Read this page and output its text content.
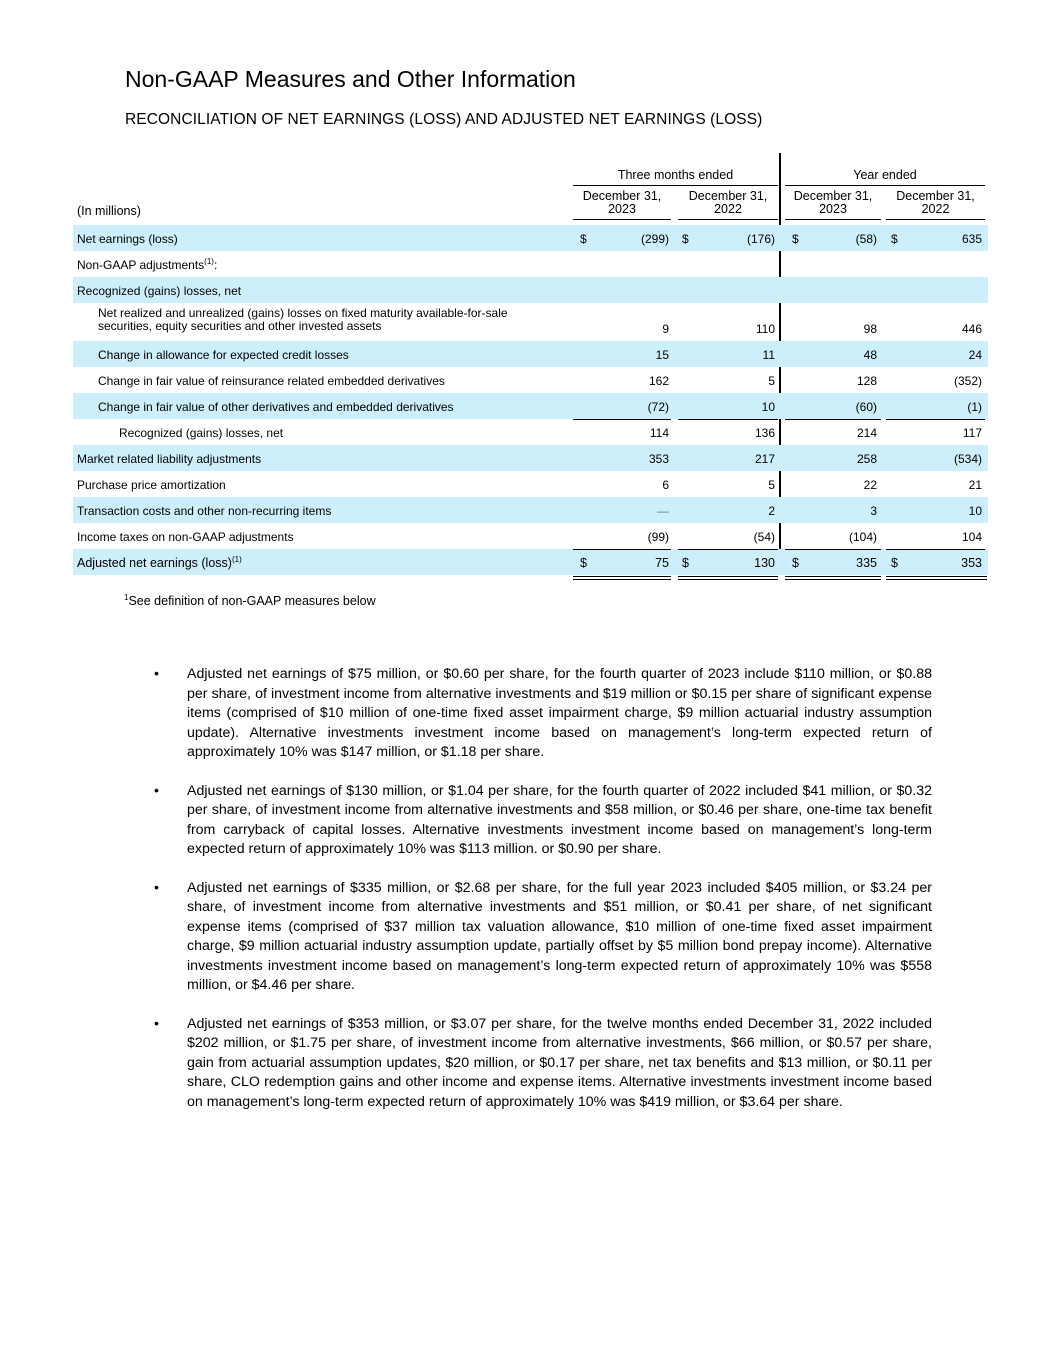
Non-GAAP Measures and Other Information
RECONCILIATION OF NET EARNINGS (LOSS) AND ADJUSTED NET EARNINGS (LOSS)
Three months ended	Year ended
December 31,
2023
December 31,
2022
December 31,
2023
December 31,
2022
(In millions)
Net earnings (loss)	$	(299) $	(176) $	(58) $	635
Non-GAAP adjustments$^{(1)}$:
Recognized (gains) losses, net
Net realized and unrealized (gains) losses on fixed maturity available-for-sale securities, equity securities and other invested assets	9	110	98	446
Change in allowance for expected credit losses	15	11	48	24
Change in fair value of reinsurance related embedded derivatives	162	5	128	(352)
Change in fair value of other derivatives and embedded derivatives	(72)	10	(60)	(1)
Recognized (gains) losses, net	114	136	214	117
Market related liability adjustments	353	217	258	(534)
Purchase price amortization	6	5	22	21
Transaction costs and other non-recurring items	—	2	3	10
Income taxes on non-GAAP adjustments	(99)	(54)	(104)	104
Adjusted net earnings (loss)$^{(1)}$	$	75 $	130 $	335 $	353
$^1$See definition of non-GAAP measures below
• Adjusted net earnings of $75 million, or $0.60 per share, for the fourth quarter of 2023 include $110 million, or $0.88 per share, of investment income from alternative investments and $19 million or $0.15 per share of significant expense items (comprised of $10 million of one-time fixed asset impairment charge, $9 million actuarial industry assumption update). Alternative investments investment income based on management’s long-term expected return of approximately 10% was $147 million, or $1.18 per share.
• Adjusted net earnings of $130 million, or $1.04 per share, for the fourth quarter of 2022 included $41 million, or $0.32 per share, of investment income from alternative investments and $58 million, or $0.46 per share, one-time tax benefit from carryback of capital losses. Alternative investments investment income based on management’s long-term expected return of approximately 10% was $113 million. or $0.90 per share.
• Adjusted net earnings of $335 million, or $2.68 per share, for the full year 2023 included $405 million, or $3.24 per share, of investment income from alternative investments and $51 million, or $0.41 per share, of net significant expense items (comprised of $37 million tax valuation allowance, $10 million of one-time fixed asset impairment charge, $9 million actuarial industry assumption update, partially offset by $5 million bond prepay income). Alternative investments investment income based on management’s long-term expected return of approximately 10% was $558 million, or $4.46 per share.
• Adjusted net earnings of $353 million, or $3.07 per share, for the twelve months ended December 31, 2022 included $202 million, or $1.75 per share, of investment income from alternative investments, $66 million, or $0.57 per share, gain from actuarial assumption updates, $20 million, or $0.17 per share, net tax benefits and $13 million, or $0.11 per share, CLO redemption gains and other income and expense items. Alternative investments investment income based on management’s long-term expected return of approximately 10% was $419 million, or $3.64 per share.
